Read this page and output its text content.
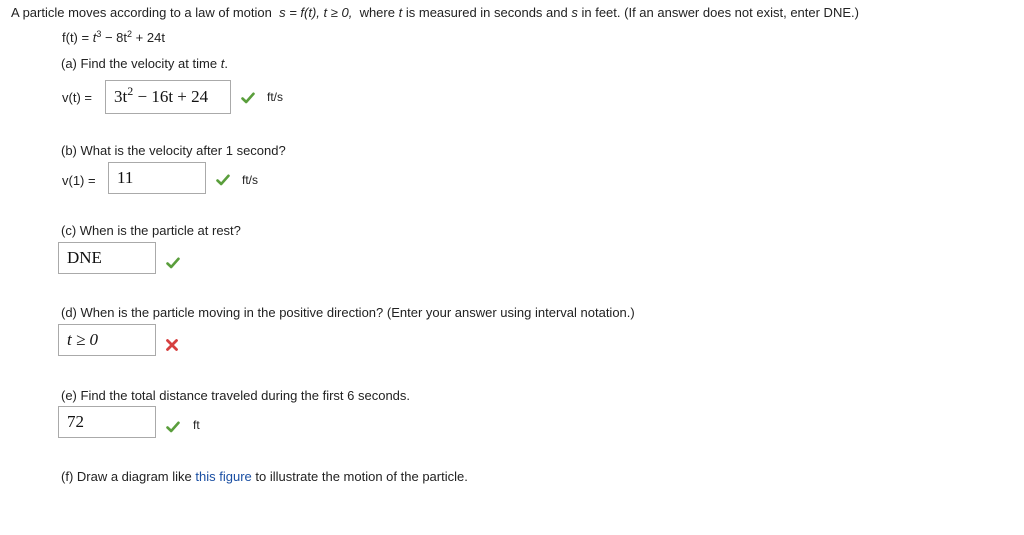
A particle moves according to a law of motion s = f(t), t ≥ 0, where t is measured in seconds and s in feet. (If an answer does not exist, enter DNE.)
$f(t) = t^3 - 8t^2 + 24t$
(a) Find the velocity at time t.
v(t) =	$3t^2 - 16t + 24$	ft/s
(b) What is the velocity after 1 second?
v(1) =	11	ft/s
(c) When is the particle at rest?
DNE
(d) When is the particle moving in the positive direction? (Enter your answer using interval notation.)
t ≥ 0
(e) Find the total distance traveled during the first 6 seconds.
72	ft
(f) Draw a diagram like this figure to illustrate the motion of the particle.
